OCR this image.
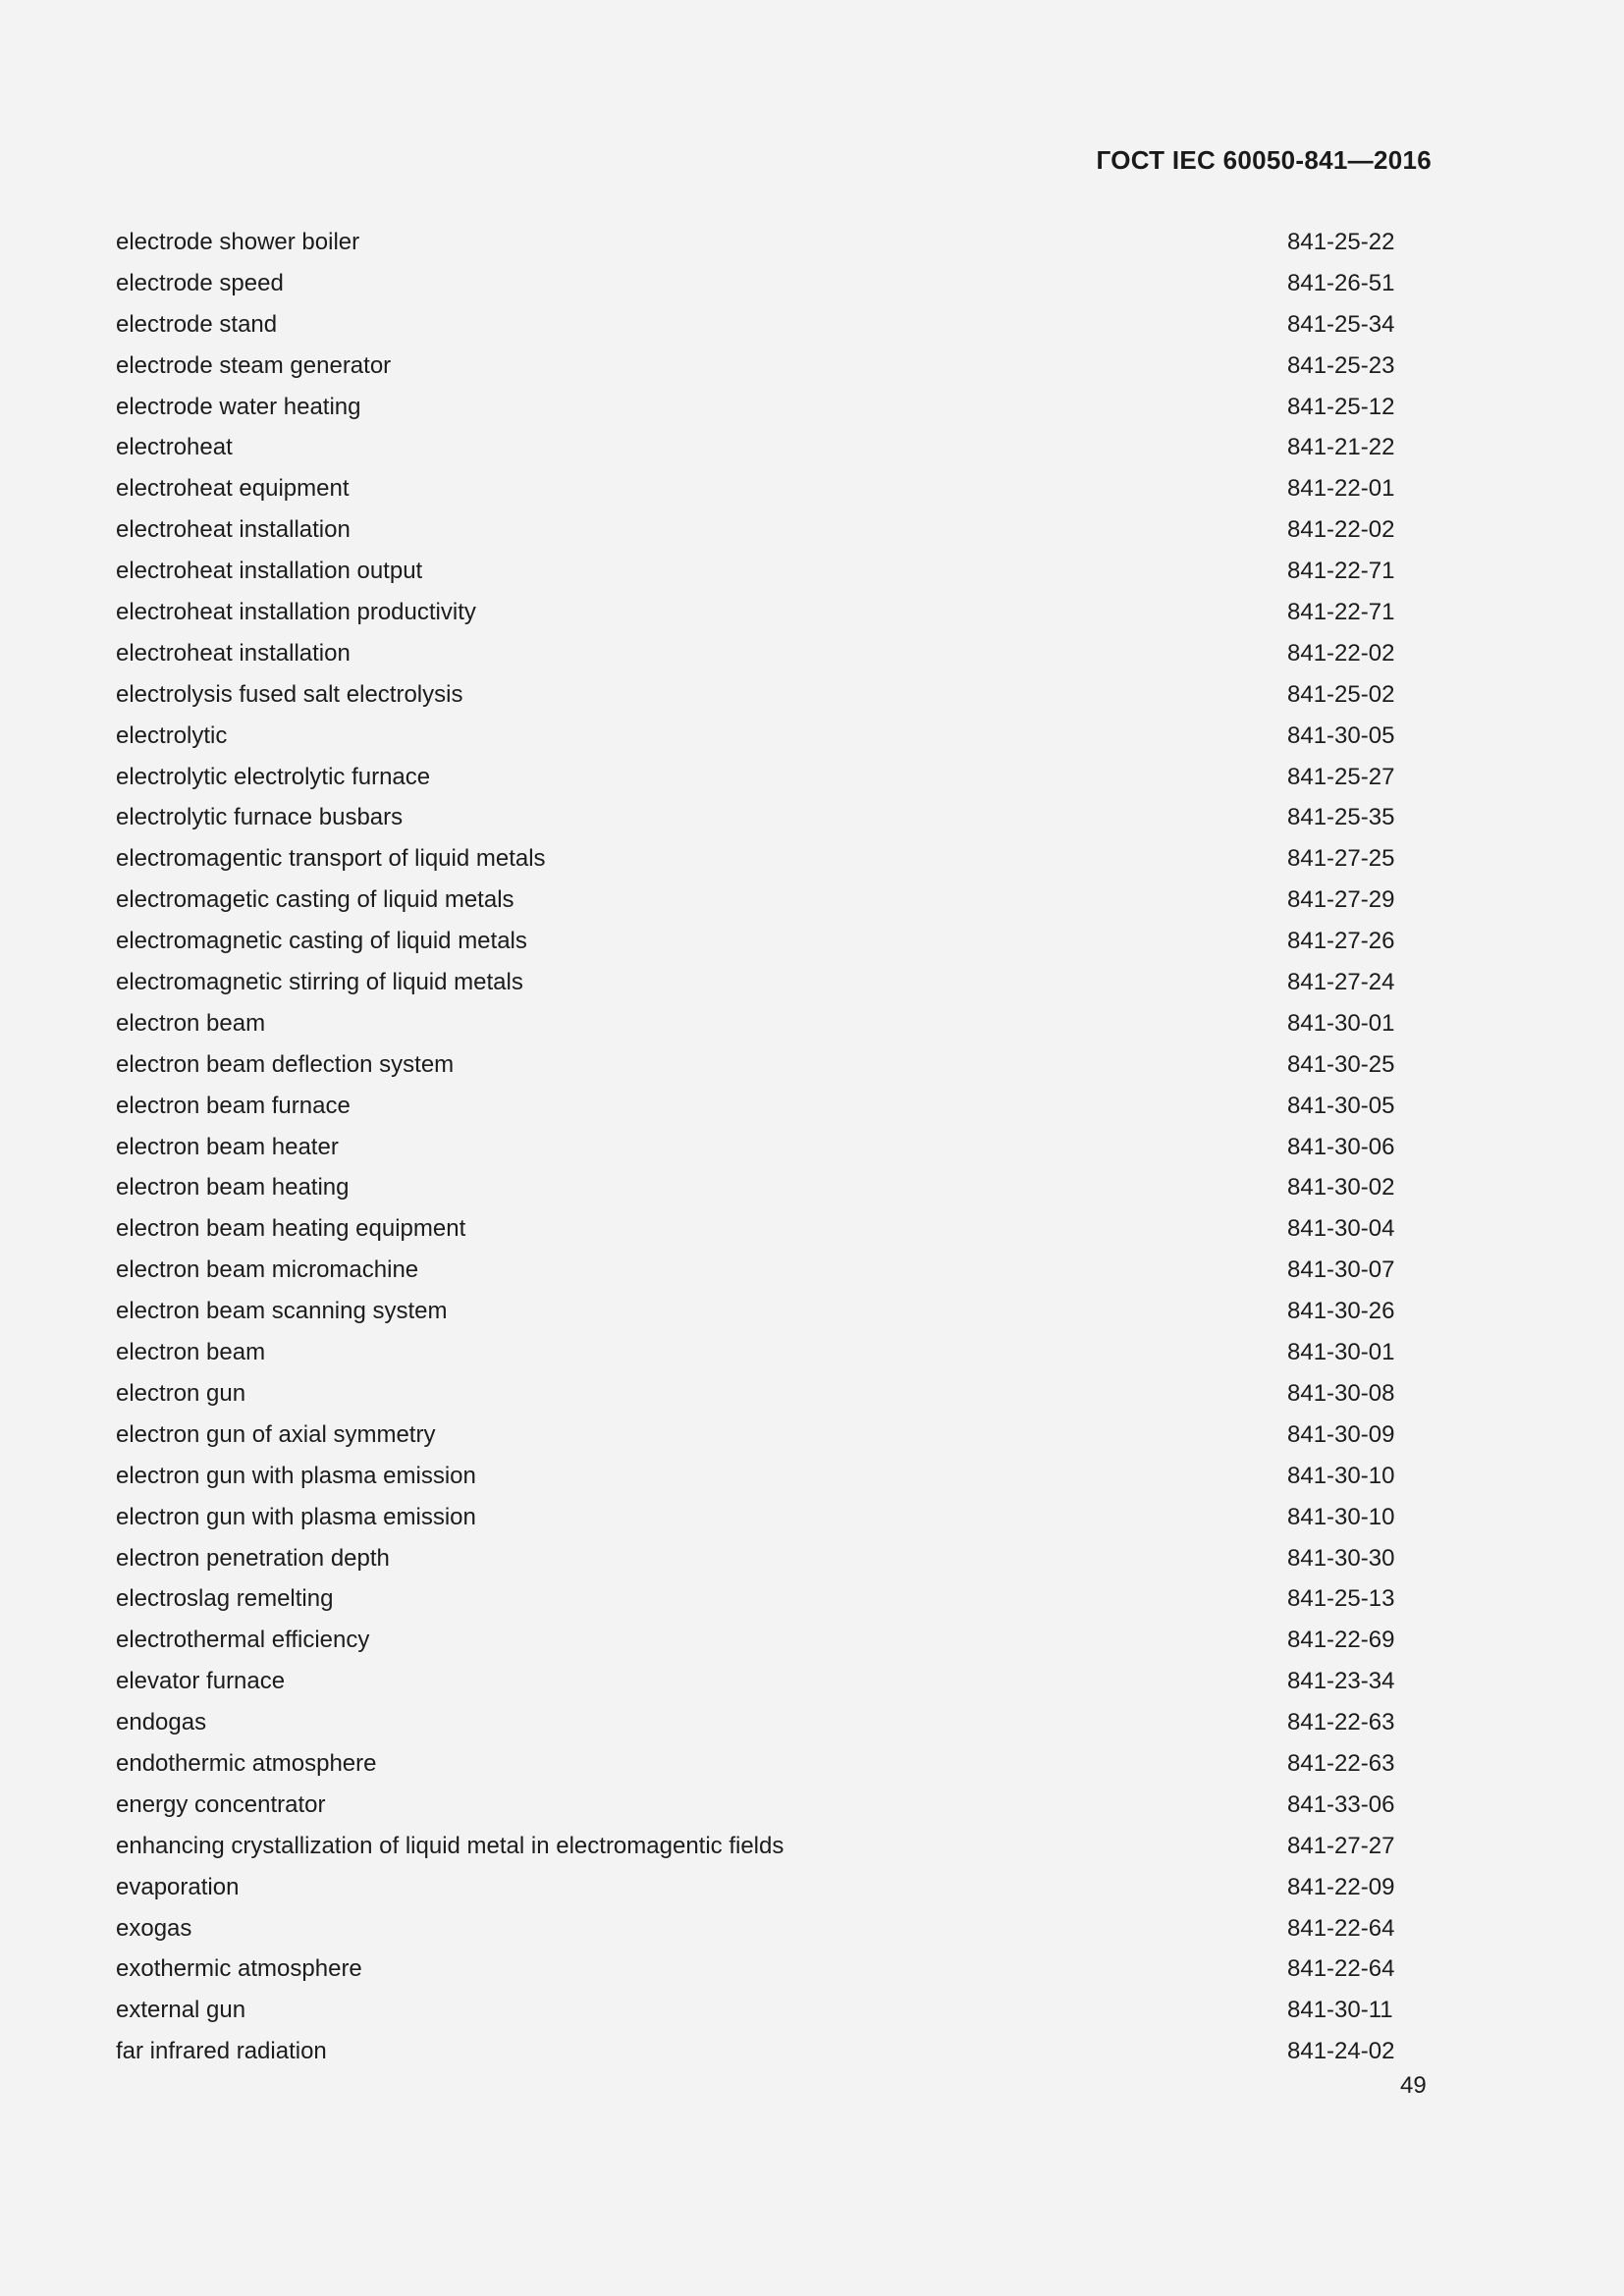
ГОСТ IEC 60050-841—2016
electrode shower boiler	841-25-22
electrode speed	841-26-51
electrode stand	841-25-34
electrode steam generator	841-25-23
electrode water heating	841-25-12
electroheat	841-21-22
electroheat equipment	841-22-01
electroheat installation	841-22-02
electroheat installation output	841-22-71
electroheat installation productivity	841-22-71
electroheat installation	841-22-02
electrolysis fused salt electrolysis	841-25-02
electrolytic	841-30-05
electrolytic electrolytic furnace	841-25-27
electrolytic furnace busbars	841-25-35
electromagentic transport of liquid metals	841-27-25
electromagetic casting of liquid metals	841-27-29
electromagnetic casting of liquid metals	841-27-26
electromagnetic stirring of liquid metals	841-27-24
electron beam	841-30-01
electron beam deflection system	841-30-25
electron beam furnace	841-30-05
electron beam heater	841-30-06
electron beam heating	841-30-02
electron beam heating equipment	841-30-04
electron beam micromachine	841-30-07
electron beam scanning system	841-30-26
electron beam	841-30-01
electron gun	841-30-08
electron gun of axial symmetry	841-30-09
electron gun with plasma emission	841-30-10
electron gun with plasma emission	841-30-10
electron penetration depth	841-30-30
electroslag remelting	841-25-13
electrothermal efficiency	841-22-69
elevator furnace	841-23-34
endogas	841-22-63
endothermic atmosphere	841-22-63
energy concentrator	841-33-06
enhancing crystallization of liquid metal in electromagentic fields	841-27-27
evaporation	841-22-09
exogas	841-22-64
exothermic atmosphere	841-22-64
external gun	841-30-11
far infrared radiation	841-24-02
49
